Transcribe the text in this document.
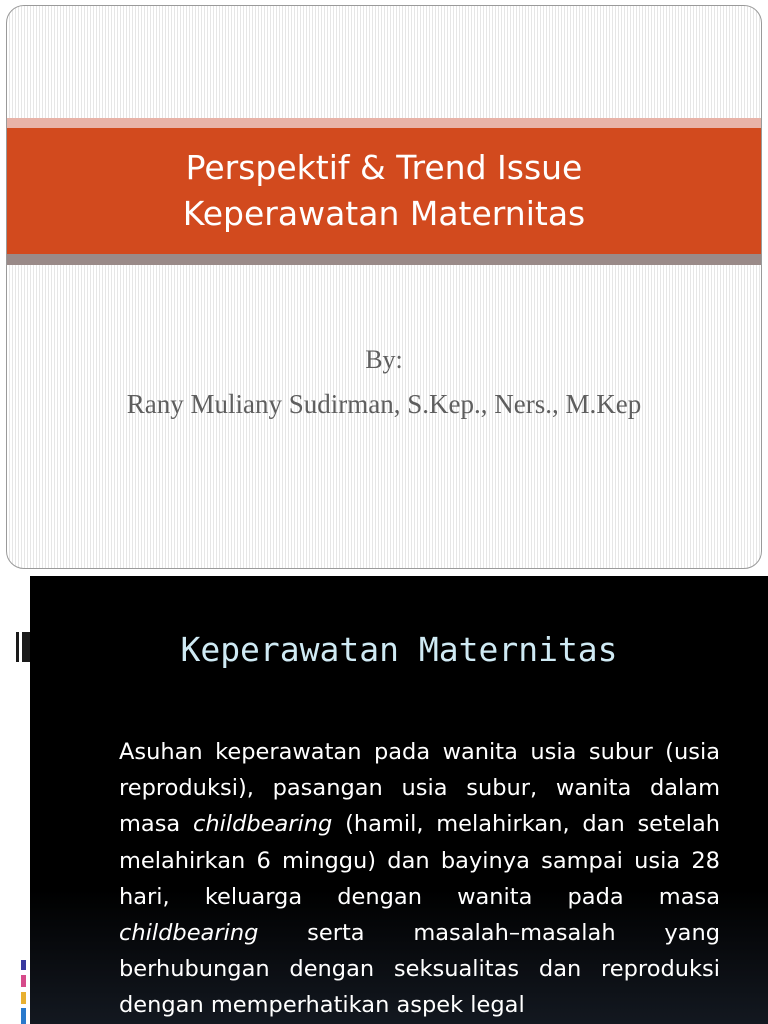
Perspektif & Trend Issue
Keperawatan Maternitas
By:
Rany Muliany Sudirman, S.Kep., Ners., M.Kep
Keperawatan Maternitas
Asuhan keperawatan pada wanita usia subur (usia reproduksi), pasangan usia subur, wanita dalam masa childbearing (hamil, melahirkan, dan setelah melahirkan 6 minggu) dan bayinya sampai usia 28 hari, keluarga dengan wanita pada masa childbearing serta masalah–masalah yang berhubungan dengan seksualitas dan reproduksi dengan memperhatikan aspek legal
